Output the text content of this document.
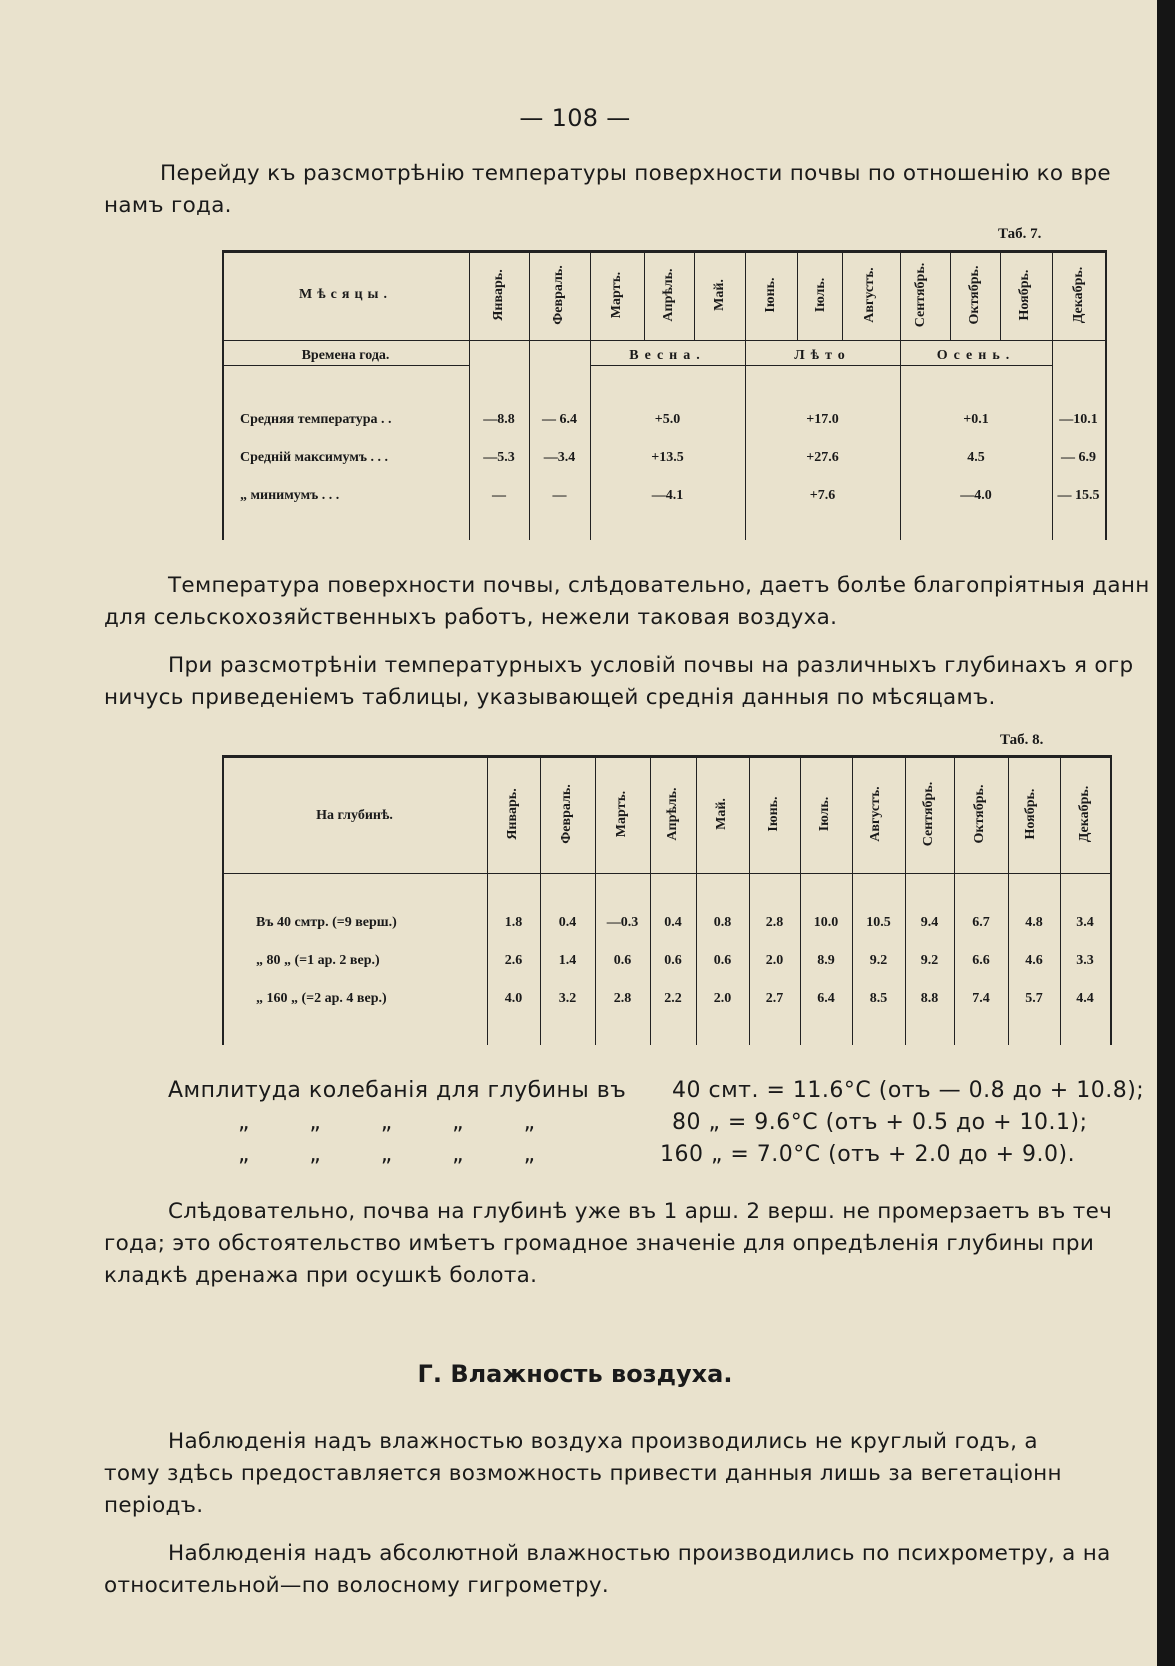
— 108 —
Перейду къ разсмотрѣнiю температуры поверхности почвы по отношенiю ко вре
намъ года.
Таб. 7.
Мѣсяцы.	Январь.	Февраль.	Мартъ.	Апрѣль.	Май.	Iюнь.	Iюль. Августъ.	Сентябрь.	Октябрь.	Ноябрь.	Декабрь.
Времена года.	Весна.	Лѣто	Осень.
Средняя температура . .	—8.8	— 6.4	+5.0	+17.0	+0.1	—10.1
Среднiй максимумъ . . .	—5.3	—3.4	+13.5	+27.6	4.5	— 6.9
„ минимумъ . . .	—	—	—4.1	+7.6	—4.0	— 15.5
Температура поверхности почвы, слѣдовательно, даетъ болѣе благопрiятныя данн
для сельскохозяйственныхъ работъ, нежели таковая воздуха.
При разсмотрѣнiи температурныхъ условiй почвы на различныхъ глубинахъ я огр
ничусь приведенiемъ таблицы, указывающей среднiя данныя по мѣсяцамъ.
Таб. 8.
На глубинѣ.	Январь.	Февраль.	Мартъ.	Апрѣль. Май.	Iюнь.	Iюль.	Августъ.	Сентябрь.	Октябрь.	Ноябрь.	Декабрь.
Въ 40 смтр. (=9 верш.)	1.8	0.4	—0.3	0.4	0.8	2.8	10.0	10.5	9.4	6.7	4.8	3.4
„ 80 „ (=1 ар. 2 вер.)	2.6	1.4	0.6	0.6	0.6	2.0	8.9	9.2	9.2	6.6	4.6	3.3
„ 160 „ (=2 ар. 4 вер.)	4.0	3.2	2.8	2.2	2.0	2.7	6.4	8.5	8.8	7.4	5.7	4.4
Амплитуда колебанiя для глубины въ 40 смт. = 11.6°С (отъ — 0.8 до + 10.8);
„ „ „ „ „	80 „ = 9.6°С (отъ + 0.5 до + 10.1);
„ „ „ „ „	160 „ = 7.0°С (отъ + 2.0 до + 9.0).
Слѣдовательно, почва на глубинѣ уже въ 1 арш. 2 верш. не промерзаетъ въ теч
года; это обстоятельство имѣетъ громадное значенiе для опредѣленiя глубины при
кладкѣ дренажа при осушкѣ болота.
Г. Влажность воздуха.
Наблюденiя надъ влажностью воздуха производились не круглый годъ, а
тому здѣсь предоставляется возможность привести данныя лишь за вегетацiонн
перiодъ.
Наблюденiя надъ абсолютной влажностью производились по психрометру, а на
относительной—по волосному гигрометру.
